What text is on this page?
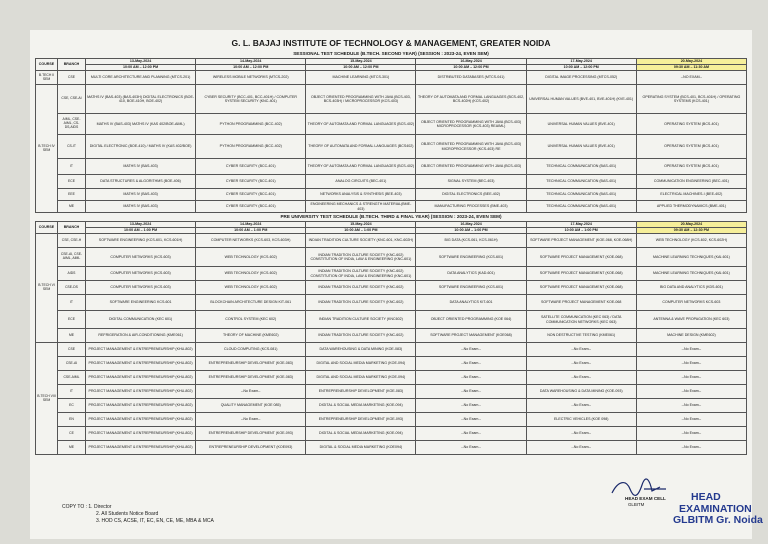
G. L. BAJAJ INSTITUTE OF TECHNOLOGY & MANAGEMENT, GREATER NOIDA
SESSIONAL TEST SCHEDULE (B.TECH. SECOND YEAR) (SESSION : 2023-24, EVEN SEM)
COURSE	BRANCH	13-May-2024	14-May-2024	15-May-2024	16-May-2024	17-May-2024	20-May-2024
		10:00 AM – 12:00 PM	10:00 AM – 12:00 PM	10:00 AM – 12:00 PM	10:00 AM – 12:00 PM	10:00 AM – 12:00 PM	09:30 AM – 11:30 AM
B.TECH II SEM	CSE	MULTI CORE ARCHITECTURE AND PLANNING (MTCS-201)	WIRELESS MOBILE NETWORKS (MTCS-202)	MACHINE LEARNING (MTCS-301)	DISTRIBUTED DATABASES (MTCS-041)	DIGITAL IMAGE PROCESSING (MTCS-052)	--NO EXAM--
B.TECH IV SEM	CSE, CSE-AI	MATHS IV (BAS-403) (BAS-403H) DIGITAL ELECTRONICS (BOE-410, BOE-410H, BOE-402)	CYBER SECURITY (BCC-401, BCC-401H) / COMPUTER SYSTEM SECURITY (KNC-401)	OBJECT ORIENTED PROGRAMMING WITH JAVA (BCS-403, BCS-403H) / MICROPROCESSOR (KCS-403)	THEORY OF AUTOMATA AND FORMAL LANGUAGES (BCS-402, BCS-402H) (KCS-402)	UNIVERSAL HUMAN VALUES (BVE-401, BVE-401H) (KVE-401)	OPERATING SYSTEM (BCS-401, BCS-401H) / OPERATING SYSTEMS (KCS-401)
	AIML, CSE-AIML, CS-DS,AIDS	MATHS IV (BAS-403) MATHS IV (KAS 402/BOE-AIML)	PYTHON PROGRAMMING (BCC-402)	THEORY OF AUTOMATA AND FORMAL LANGUAGES (BCS-402)	OBJECT ORIENTED PROGRAMMING WITH JAVA (BCS-403) MICROPROCESSOR (KCS-403) REAIML)	UNIVERSAL HUMAN VALUES (BVE-401)	OPERATING SYSTEM (BCS-401)
	CS-IT	DIGITAL ELECTRONIC (BOE-410) / MATHS IV (KAS 402/BOE)	PYTHON PROGRAMMING (BCC-402)	THEORY OF AUTOMATA AND FORMAL LANGUAGES (BCS402)	OBJECT ORIENTED PROGRAMMING WITH JAVA (BCS-403) MICROPROCESSOR (KCS-403) RE	UNIVERSAL HUMAN VALUES (BVE-401)	OPERATING SYSTEM (BCS-401)
	IT	MATHS IV (BAS-403)	CYBER SECURITY (BCC-401)	THEORY OF AUTOMATA AND FORMAL LANGUAGES (BCS-402)	OBJECT ORIENTED PROGRAMMING WITH JAVA (BCS-403)	TECHNICAL COMMUNICATION (BAS-401)	OPERATING SYSTEM (BCS-401)
	ECE	DATA STRUCTURES & ALGORITHMS (BOE-406)	CYBER SECURITY (BCC-401)	ANALOG CIRCUITS (BEC-401)	SIGNAL SYSTEM (BEC-403)	TECHNICAL COMMUNICATION (BAS-401)	COMMUNICATION ENGINEERING (BEC-401)
	EEE	MATHS IV (BAS-403)	CYBER SECURITY (BCC-401)	NETWORKS ANALYSIS & SYNTHESIS (BEE-403)	DIGITAL ELECTRONICS (BEE-402)	TECHNICAL COMMUNICATION (BAS-401)	ELECTRICAL MACHINES-I (BEE-402)
	ME	MATHS IV (BAS-403)	CYBER SECURITY (BCC-401)	ENGINEERING MECHANICS & STRENGTH MATERIAL(BME-403)	MANUFACTURING PROCESSES (BME-403)	TECHNICAL COMMUNICATION (BAS-401)	APPLIED THERMODYNAMICS (BME-401)
PRE UNIVERSITY TEST SCHEDULE (B.TECH. THIRD & FINAL YEAR) (SESSION : 2023-24, EVEN SEM)
COURSE	BRANCH	13-May-2024	14-May-2024	15-May-2024	16-May-2024	17-May-2024	20-May-2024
		10:00 AM – 1:00 PM	10:00 AM – 1:00 PM	10:00 AM – 1:00 PM	10:00 AM – 1:00 PM	10:00 AM – 1:00 PM	09:30 AM – 12:30 PM
B.TECH VI SEM	CSE, CSE-H	SOFTWARE ENGINEERING (KCS-601, KCS-601H)	COMPUTER NETWORKS (KCS-603, KCS-603H)	INDIAN TRADITION CULTURE SOCIETY (KNC-601, KNC-602H)	BIG DATA (KCS-061, KCS-061H)	SOFTWARE PROJECT MANAGEMENT (KOE-068, KOE-068H)	WEB TECHNOLOGY (KCS-602, KCS-602H)
	CSE-AI, CSE-AIML, AIML	COMPUTER NETWORKS (KCS-603)	WEB TECHNOLOGY (KCS-602)	INDIAN TRADITION CULTURE SOCIETY (KNC-602) CONSTITUTION OF INDIA, LAW & ENGINEERING (KNC-601)	SOFTWARE ENGINEERING (KCS-601)	SOFTWARE PROJECT MANAGEMENT (KOE-068)	MACHINE LEARNING TECHNIQUES (KAI-601)
	AIDS	COMPUTER NETWORKS (KCS-603)	WEB TECHNOLOGY (KCS-602)	INDIAN TRADITION CULTURE SOCIETY (KNC-602) CONSTITUTION OF INDIA, LAW & ENGINEERING (KNC-601)	DATA ANALYTICS (KAD-601)	SOFTWARE PROJECT MANAGEMENT (KOE-068)	MACHINE LEARNING TECHNIQUES (KAI-601)
	CSE-DS	COMPUTER NETWORKS (KCS-603)	WEB TECHNOLOGY (KCS-602)	INDIAN TRADITION CULTURE SOCIETY (KNC-602)	SOFTWARE ENGINEERING (KCS-601)	SOFTWARE PROJECT MANAGEMENT (KOE-068)	BIG DATA AND ANALYTICS (KDS-601)
	IT	SOFTWARE ENGINEERING KCS-601	BLOCKCHAIN ARCHITECTURE DESIGN KIT-061	INDIAN TRADITION CULTURE SOCIETY (KNC-602)	DATA ANALYTICS KIT-601	SOFTWARE PROJECT MANAGEMENT KOE-068	COMPUTER NETWORKS KCS-603
	ECE	DIGITAL COMMUNICATION (KEC 601)	CONTROL SYSTEM (KEC 602)	INDIAN TRADITION CULTURE SOCIETY (KNC602)	OBJECT ORIENTED PROGRAMMING (KOE 064)	SATELLITE COMMUNICATION (KEC 063) / DATA COMMUNICATION NETWORKS (KEC 063)	ANTENNA & WAVE PROPAGATION (KEC 603)
	ME	REFRIGERATION & AIR-CONDITIONING (KME061)	THEORY OF MACHINE (KME602)	INDIAN TRADITION CULTURE SOCIETY (KNC-602)	SOFTWARE PROJECT MANAGEMENT (KOE068)	NON DESTRUCTIVE TESTING (KME061)	MACHINE DESIGN (KME602)
B.TECH VIII SEM	CSE	PROJECT MANAGEMENT & ENTREPRENEURSHIP (KHU-802)	CLOUD COMPUTING (KCS-081)	DATA WAREHOUSING & DATA MINING (KOE-083)	--No Exam--	--No Exam--	--No Exam--
	CSE-AI	PROJECT MANAGEMENT & ENTREPRENEURSHIP (KHU-802)	ENTREPRENEURSHIP DEVELOPMENT (KOE-083)	DIGITAL AND SOCIAL MEDIA MARKETING (KOE-094)	--No Exam--	--No Exam--	--No Exam--
	CSE-AIML	PROJECT MANAGEMENT & ENTREPRENEURSHIP (KHU-802)	ENTREPRENEURSHIP DEVELOPMENT (KOE-083)	DIGITAL AND SOCIAL MEDIA MARKETING (KOE-094)	--No Exam--	--No Exam--	--No Exam--
	IT	PROJECT MANAGEMENT & ENTREPRENEURSHIP (KHU-802)	--No Exam--	ENTREPRENEURSHIP DEVELOPMENT (KOE-083)	--No Exam--	DATA WAREHOUSING & DATA MINING (KOE-093)	--No Exam--
	EC	PROJECT MANAGEMENT & ENTREPRENEURSHIP (KHU-802)	QUALITY MANAGEMENT (KOE 085)	DIGITAL & SOCIAL MEDIA MARKETING (KOE-094)	--No Exam--	--No Exam--	--No Exam--
	EN	PROJECT MANAGEMENT & ENTREPRENEURSHIP (KHU-802)	--No Exam--	ENTREPRENEURSHIP DEVELOPMENT (KOE-093)	--No Exam--	ELECTRIC VEHICLES (KOE 098)	--No Exam--
	CE	PROJECT MANAGEMENT & ENTREPRENEURSHIP (KHU-802)	ENTREPRENEURSHIP DEVELOPMENT (KOE-093)	DIGITAL & SOCIAL MEDIA MARKETING (KOE-094)	--No Exam--	--No Exam--	--No Exam--
	ME	PROJECT MANAGEMENT & ENTREPRENEURSHIP (KHU-802)	ENTREPRENEURSHIP DEVELOPMENT (KOE093)	DIGITAL & SOCIAL MEDIA MARKETING (KOE094)	--No Exam--	--No Exam--	--No Exam--
COPY TO : 1. Director
2. All Students Notice Board
3. HOD CS, ACSE, IT, EC, EN, CE, ME, MBA & MCA
HEAD EXAM CELL
GLBITM
HEAD
EXAMINATION
GLBITM Gr. Noida
